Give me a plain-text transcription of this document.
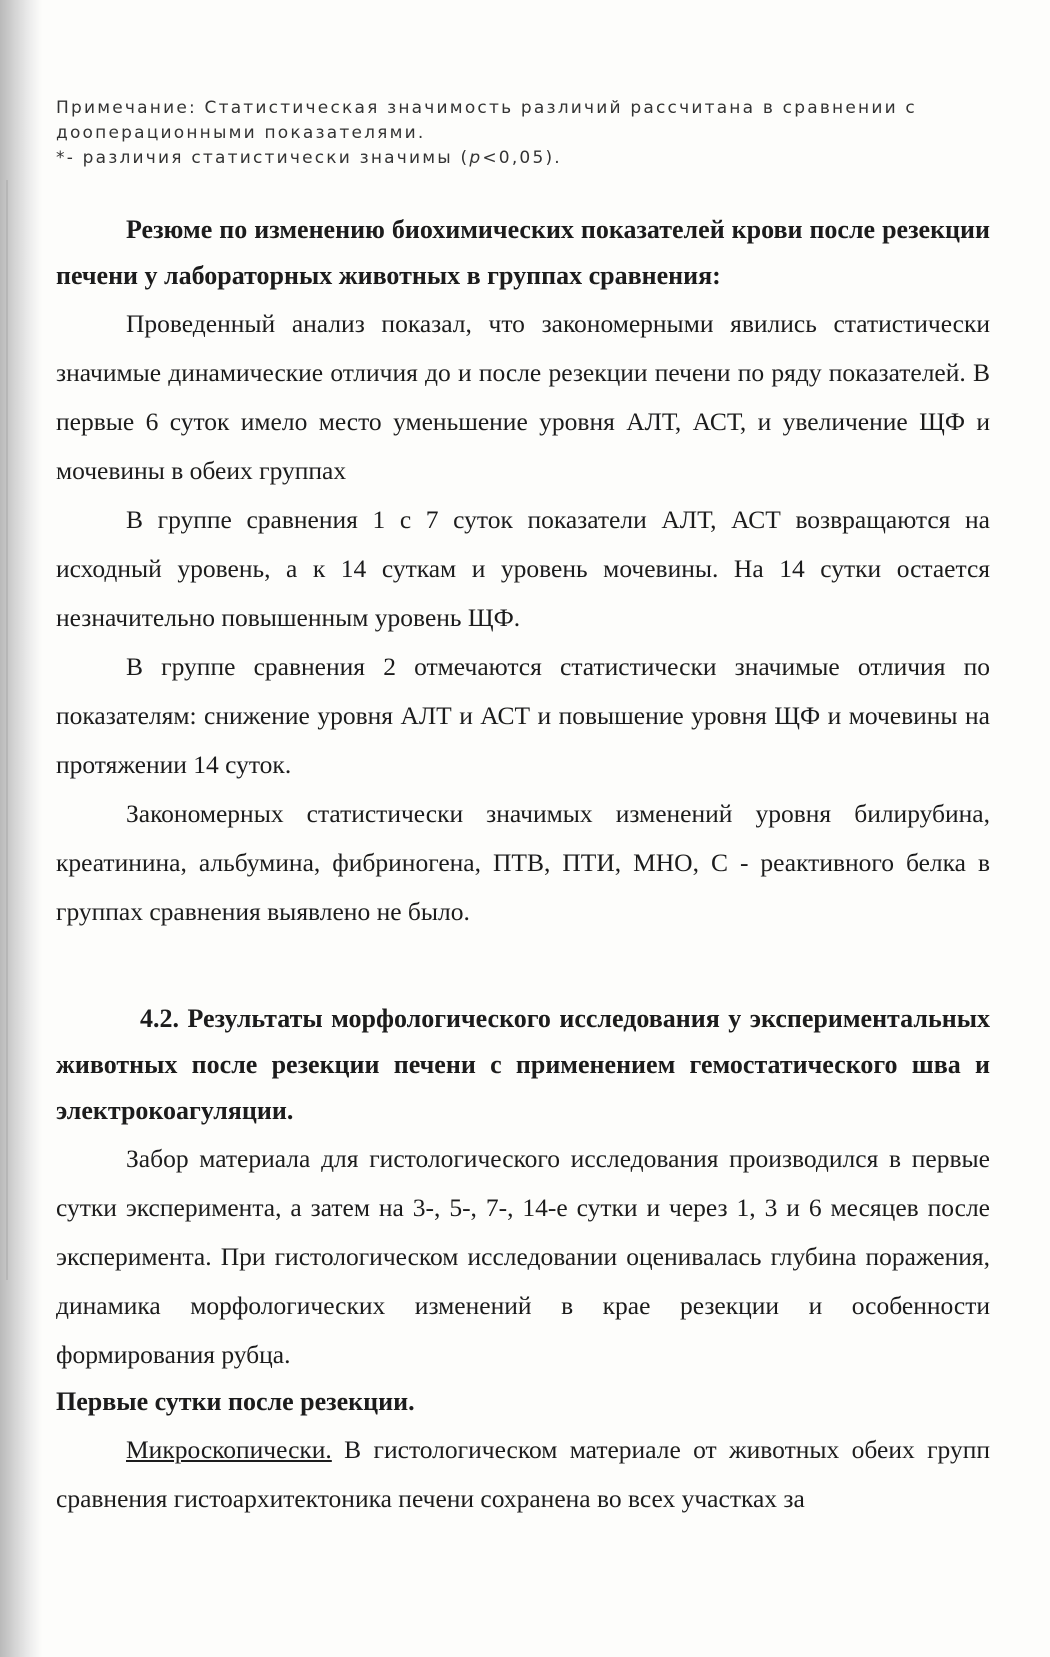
Примечание: Статистическая значимость различий рассчитана в сравнении с
дооперационными показателями.
*- различия статистически значимы (p<0,05).

Резюме по изменению биохимических показателей крови после резекции печени у лабораторных животных в группах сравнения:

Проведенный анализ показал, что закономерными явились статистически значимые динамические отличия до и после резекции печени по ряду показателей. В первые 6 суток имело место уменьшение уровня АЛТ, АСТ, и увеличение ЩФ и мочевины в обеих группах

В группе сравнения 1 с 7 суток показатели АЛТ, АСТ возвращаются на исходный уровень, а к 14 суткам и уровень мочевины. На 14 сутки остается незначительно повышенным уровень ЩФ.

В группе сравнения 2 отмечаются статистически значимые отличия по показателям: снижение уровня АЛТ и АСТ и повышение уровня ЩФ и мочевины на протяжении 14 суток.

Закономерных статистически значимых изменений уровня билирубина, креатинина, альбумина, фибриногена, ПТВ, ПТИ, МНО, С - реактивного белка в группах сравнения выявлено не было.

4.2. Результаты морфологического исследования у экспериментальных животных после резекции печени с применением гемостатического шва и электрокоагуляции.

Забор материала для гистологического исследования производился в первые сутки эксперимента, а затем на 3-, 5-, 7-, 14-е сутки и через 1, 3 и 6 месяцев после эксперимента. При гистологическом исследовании оценивалась глубина поражения, динамика морфологических изменений в крае резекции и особенности формирования рубца.

Первые сутки после резекции.

Микроскопически. В гистологическом материале от животных обеих групп сравнения гистоархитектоника печени сохранена во всех участках за
